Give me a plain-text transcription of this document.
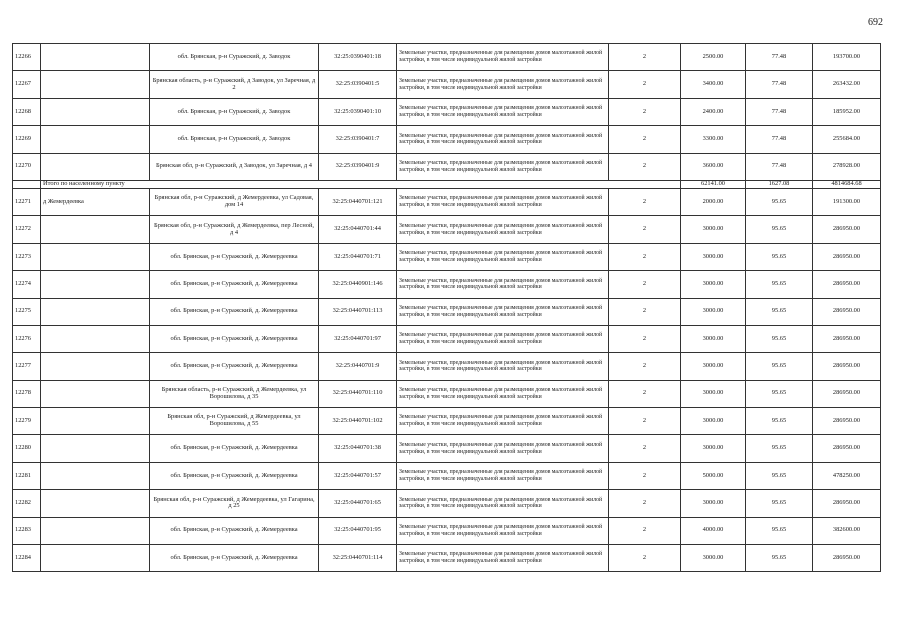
692
12266		обл. Брянская, р-н Суражский, д. Заводок	32:25:0390401:18	Земельные участки, предназначенные для размещения домов малоэтажной жилой застройки, в том числе индивидуальной жилой застройки	2	2500.00	77.48	193700.00
12267		Брянская область, р-н Суражский, д Заводок, ул Заречная, д 2	32:25:0390401:5	Земельные участки, предназначенные для размещения домов малоэтажной жилой застройки, в том числе индивидуальной жилой застройки	2	3400.00	77.48	263432.00
12268		обл. Брянская, р-н Суражский, д. Заводок	32:25:0390401:10	Земельные участки, предназначенные для размещения домов малоэтажной жилой застройки, в том числе индивидуальной жилой застройки	2	2400.00	77.48	185952.00
12269		обл. Брянская, р-н Суражский, д. Заводок	32:25:0390401:7	Земельные участки, предназначенные для размещения домов малоэтажной жилой застройки, в том числе индивидуальной жилой застройки	2	3300.00	77.48	255684.00
12270		Брянская обл, р-н Суражский, д Заводок, ул Заречная, д 4	32:25:0390401:9	Земельные участки, предназначенные для размещения домов малоэтажной жилой застройки, в том числе индивидуальной жилой застройки	2	3600.00	77.48	278928.00
	Итого по населенному пункту					62141.00	1627.08	4814684.68
12271	д Жемердеевка	Брянская обл, р-н Суражский, д Жемердеевка, ул Садовая, дом 14	32:25:0440701:121	Земельные участки, предназначенные для размещения домов малоэтажной жилой застройки, в том числе индивидуальной жилой застройки	2	2000.00	95.65	191300.00
12272		Брянская обл, р-н Суражский, д Жемердеевка, пер Лесной, д 4	32:25:0440701:44	Земельные участки, предназначенные для размещения домов малоэтажной жилой застройки, в том числе индивидуальной жилой застройки	2	3000.00	95.65	286950.00
12273		обл. Брянская, р-н Суражский, д. Жемердеевка	32:25:0440701:71	Земельные участки, предназначенные для размещения домов малоэтажной жилой застройки, в том числе индивидуальной жилой застройки	2	3000.00	95.65	286950.00
12274		обл. Брянская, р-н Суражский, д. Жемердеевка	32:25:0440901:146	Земельные участки, предназначенные для размещения домов малоэтажной жилой застройки, в том числе индивидуальной жилой застройки	2	3000.00	95.65	286950.00
12275		обл. Брянская, р-н Суражский, д. Жемердеевка	32:25:0440701:113	Земельные участки, предназначенные для размещения домов малоэтажной жилой застройки, в том числе индивидуальной жилой застройки	2	3000.00	95.65	286950.00
12276		обл. Брянская, р-н Суражский, д. Жемердеевка	32:25:0440701:97	Земельные участки, предназначенные для размещения домов малоэтажной жилой застройки, в том числе индивидуальной жилой застройки	2	3000.00	95.65	286950.00
12277		обл. Брянская, р-н Суражский, д. Жемердеевка	32:25:0440701:9	Земельные участки, предназначенные для размещения домов малоэтажной жилой застройки, в том числе индивидуальной жилой застройки	2	3000.00	95.65	286950.00
12278		Брянская область, р-н Суражский, д Жемердеевка, ул Ворошилова, д 35	32:25:0440701:110	Земельные участки, предназначенные для размещения домов малоэтажной жилой застройки, в том числе индивидуальной жилой застройки	2	3000.00	95.65	286950.00
12279		Брянская обл, р-н Суражский, д Жемердеевка, ул Ворошилова, д 55	32:25:0440701:102	Земельные участки, предназначенные для размещения домов малоэтажной жилой застройки, в том числе индивидуальной жилой застройки	2	3000.00	95.65	286950.00
12280		обл. Брянская, р-н Суражский, д. Жемердеевка	32:25:0440701:38	Земельные участки, предназначенные для размещения домов малоэтажной жилой застройки, в том числе индивидуальной жилой застройки	2	3000.00	95.65	286950.00
12281		обл. Брянская, р-н Суражский, д. Жемердеевка	32:25:0440701:57	Земельные участки, предназначенные для размещения домов малоэтажной жилой застройки, в том числе индивидуальной жилой застройки	2	5000.00	95.65	478250.00
12282		Брянская обл, р-н Суражский, д Жемердеевка, ул Гагарина, д 25	32:25:0440701:65	Земельные участки, предназначенные для размещения домов малоэтажной жилой застройки, в том числе индивидуальной жилой застройки	2	3000.00	95.65	286950.00
12283		обл. Брянская, р-н Суражский, д. Жемердеевка	32:25:0440701:95	Земельные участки, предназначенные для размещения домов малоэтажной жилой застройки, в том числе индивидуальной жилой застройки	2	4000.00	95.65	382600.00
12284		обл. Брянская, р-н Суражский, д. Жемердеевка	32:25:0440701:114	Земельные участки, предназначенные для размещения домов малоэтажной жилой застройки, в том числе индивидуальной жилой застройки	2	3000.00	95.65	286950.00
